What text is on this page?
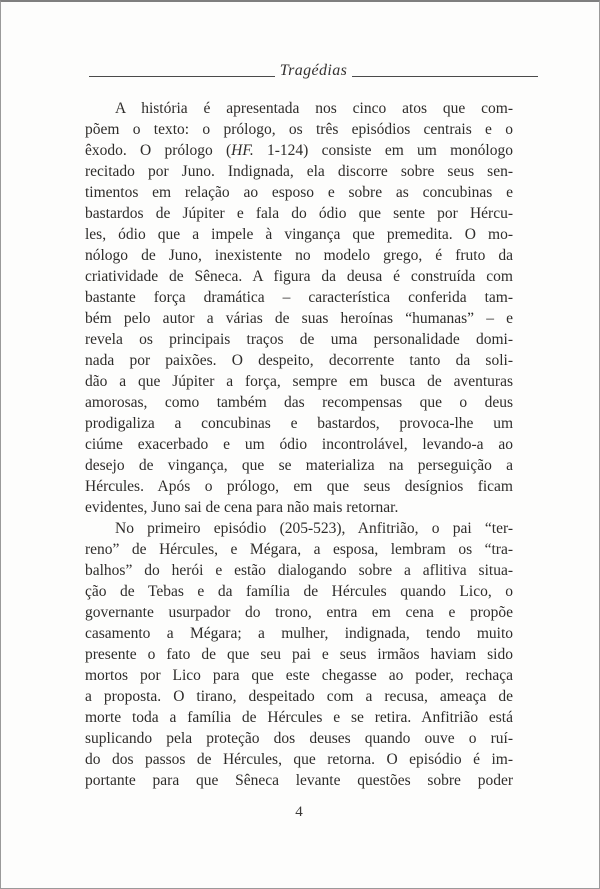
Tragédias
A história é apresentada nos cinco atos que com-
põem o texto: o prólogo, os três episódios centrais e o
êxodo. O prólogo (HF. 1-124) consiste em um monólogo
recitado por Juno. Indignada, ela discorre sobre seus sen-
timentos em relação ao esposo e sobre as concubinas e
bastardos de Júpiter e fala do ódio que sente por Hércu-
les, ódio que a impele à vingança que premedita. O mo-
nólogo de Juno, inexistente no modelo grego, é fruto da
criatividade de Sêneca. A figura da deusa é construída com
bastante força dramática – característica conferida tam-
bém pelo autor a várias de suas heroínas “humanas” – e
revela os principais traços de uma personalidade domi-
nada por paixões. O despeito, decorrente tanto da soli-
dão a que Júpiter a força, sempre em busca de aventuras
amorosas, como também das recompensas que o deus
prodigaliza a concubinas e bastardos, provoca-lhe um
ciúme exacerbado e um ódio incontrolável, levando-a ao
desejo de vingança, que se materializa na perseguição a
Hércules. Após o prólogo, em que seus desígnios ficam
evidentes, Juno sai de cena para não mais retornar.
No primeiro episódio (205-523), Anfitrião, o pai “ter-
reno” de Hércules, e Mégara, a esposa, lembram os “tra-
balhos” do herói e estão dialogando sobre a aflitiva situa-
ção de Tebas e da família de Hércules quando Lico, o
governante usurpador do trono, entra em cena e propõe
casamento a Mégara; a mulher, indignada, tendo muito
presente o fato de que seu pai e seus irmãos haviam sido
mortos por Lico para que este chegasse ao poder, rechaça
a proposta. O tirano, despeitado com a recusa, ameaça de
morte toda a família de Hércules e se retira. Anfitrião está
suplicando pela proteção dos deuses quando ouve o ruí-
do dos passos de Hércules, que retorna. O episódio é im-
portante para que Sêneca levante questões sobre poder
4
